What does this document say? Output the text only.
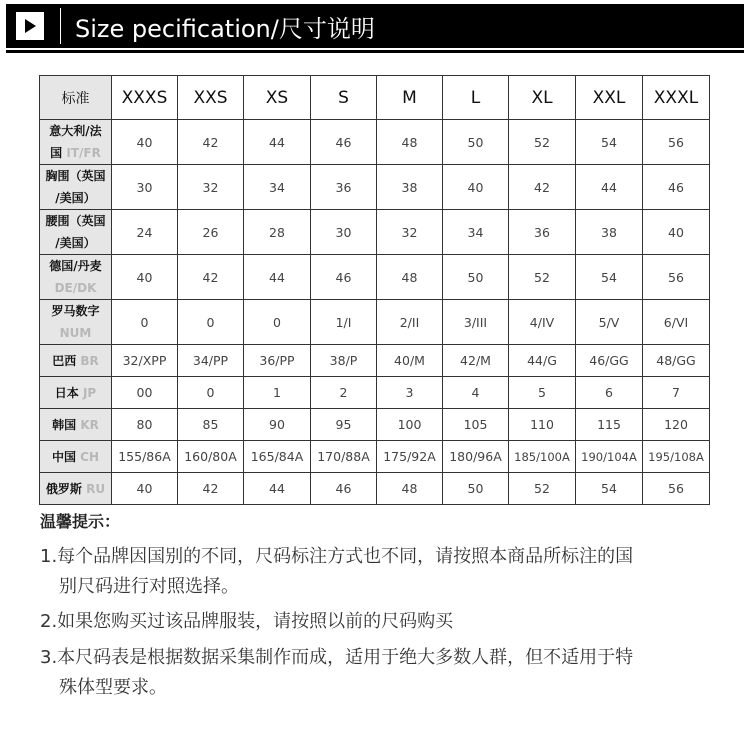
Size pecification/尺寸说明
标准	XXXS	XXS	XS	S	M	L	XL	XXL	XXXL

意大利/法
国 IT/FR	40	42	44	46	48	50	52	54	56

胸围（英国
/美国）	30	32	34	36	38	40	42	44	46

腰围（英国
/美国）	24	26	28	30	32	34	36	38	40

德国/丹麦
DE/DK	40	42	44	46	48	50	52	54	56

罗马数字
NUM	0	0	0	1/I	2/II	3/III	4/IV	5/V	6/VI
巴西 BR	32/XPP	34/PP	36/PP	38/P	40/M	42/M	44/G	46/GG	48/GG
日本 JP	00	0	1	2	3	4	5	6	7
韩国 KR	80	85	90	95	100	105	110	115	120
中国 CH	155/86A	160/80A	165/84A	170/88A	175/92A	180/96A	185/100A	190/104A	195/108A
俄罗斯 RU	40	42	44	46	48	50	52	54	56
温馨提示：
1.每个品牌因国别的不同，尺码标注方式也不同，请按照本商品所标注的国
别尺码进行对照选择。
2.如果您购买过该品牌服装，请按照以前的尺码购买
3.本尺码表是根据数据采集制作而成，适用于绝大多数人群，但不适用于特
殊体型要求。
